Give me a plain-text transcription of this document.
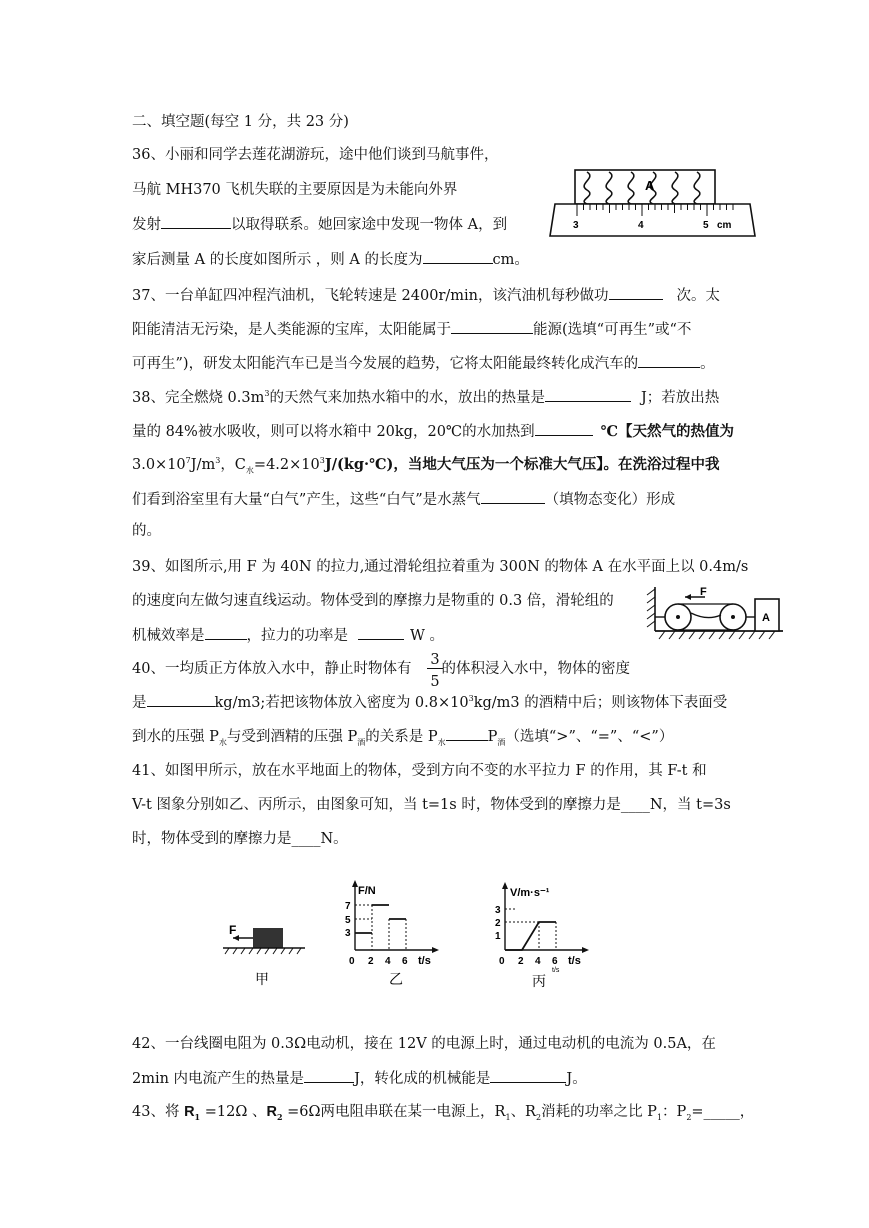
二、填空题(每空 1 分，共 23 分)
36、小丽和同学去莲花湖游玩，途中他们谈到马航事件，
马航 MH370 飞机失联的主要原因是为未能向外界
发射	以取得联系。她回家途中发现一物体 A，到
家后测量 A 的长度如图所示 ，则 A 的长度为	cm。
A
3	4	5 cm
37、一台单缸四冲程汽油机，飞轮转速是 2400r/min，该汽油机每秒做功	次。太
阳能清洁无污染，是人类能源的宝库，太阳能属于	能源(选填“可再生”或“不
可再生”)，研发太阳能汽车已是当今发展的趋势，它将太阳能最终转化成汽车的	。
38、完全燃烧 $0.3m^3$的天然气来加热水箱中的水，放出的热量是	J；若放出热
量的 84%被水吸收，则可以将水箱中 20kg，20℃的水加热到	℃【天然气的热值为
$3.0\times 10^7J/m^3$，$C_水=4.2\times 10^3J/(kg\cdot℃)$，当地大气压为一个标准大气压】。在洗浴过程中我
们看到浴室里有大量“白气”产生，这些“白气”是水蒸气	（填物态变化）形成
的。
39、如图所示,用 F 为 40N 的拉力,通过滑轮组拉着重为 300N 的物体 A 在水平面上以 0.4m/s
的速度向左做匀速直线运动。物体受到的摩擦力是物重的 0.3 倍，滑轮组的
机械效率是	，拉力的功率是	W 。
F
A
40、一均质正方体放入水中，静止时物体有 的体积浸入水中，物体的密度
3
5
是	kg/m3;若把该物体放入密度为 $0.8\times 10^3kg/m3$ 的酒精中后；则该物体下表面受
到水的压强 $P_水$与受到酒精的压强 $P_酒$的关系是 $P_水$	$P_酒$（选填“>”、“=”、“<”）
41、如图甲所示，放在水平地面上的物体，受到方向不变的水平拉力 F 的作用，其 F-t 和
V-t 图象分别如乙、丙所示，由图象可知，当 t=1s 时，物体受到的摩擦力是____N，当 t=3s
时，物体受到的摩擦力是____N。
F
甲
F/N
t/s
3
5
7
0 2 4 6
乙
V/m·s⁻¹
t/s
1
2
3
0 2 4 6
t/s
丙
42、一台线圈电阻为 0.3Ω电动机，接在 12V 的电源上时，通过电动机的电流为 0.5A，在
2min 内电流产生的热量是	J，转化成的机械能是	J。
43、将 $R_1 =12\Omega$ 、$R_2 =6\Omega$两电阻串联在某一电源上，$R_1$、$R_2$消耗的功率之比 $P_1$：$P_2=\_\_\_\_\_$，
